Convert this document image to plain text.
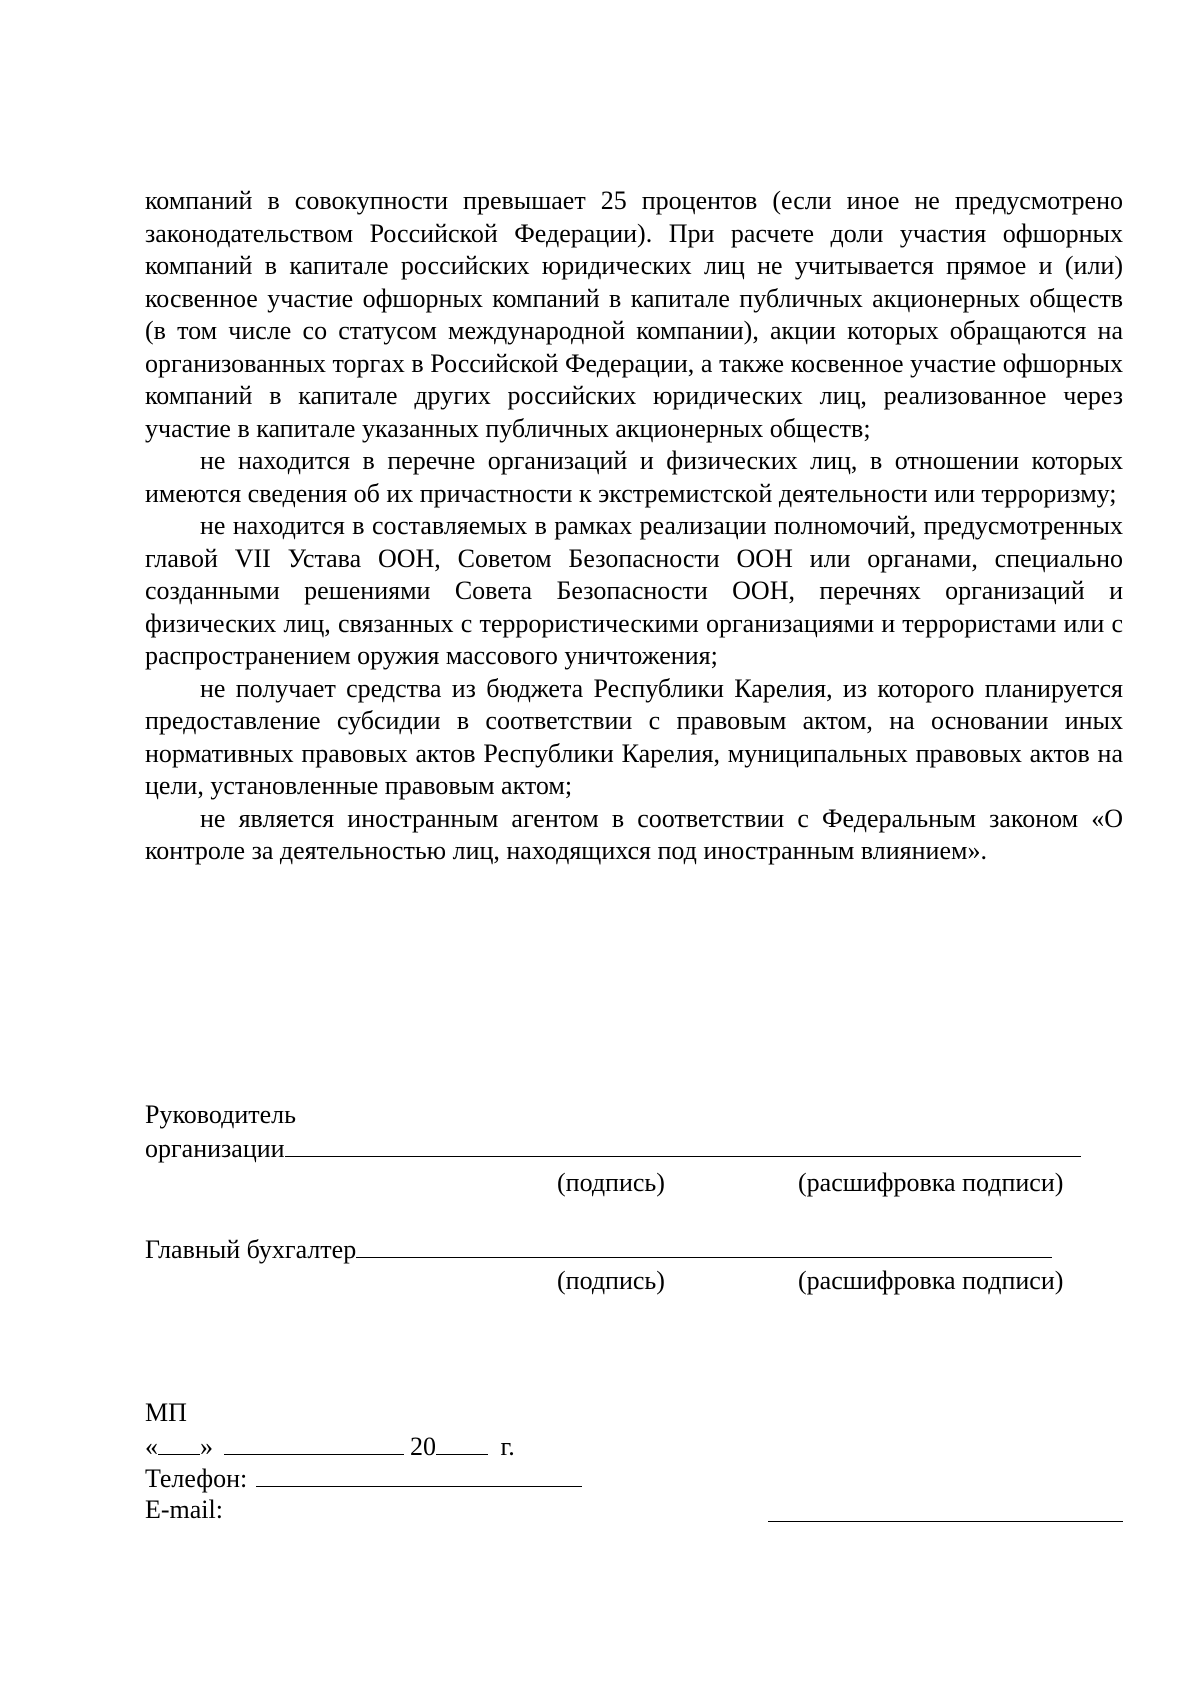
компаний в совокупности превышает 25 процентов (если иное не предусмотрено законодательством Российской Федерации). При расчете доли участия офшорных компаний в капитале российских юридических лиц не учитывается прямое и (или) косвенное участие офшорных компаний в капитале публичных акционерных обществ (в том числе со статусом международной компании), акции которых обращаются на организованных торгах в Российской Федерации, а также косвенное участие офшорных компаний в капитале других российских юридических лиц, реализованное через участие в капитале указанных публичных акционерных обществ;

не находится в перечне организаций и физических лиц, в отношении которых имеются сведения об их причастности к экстремистской деятельности или терроризму;

не находится в составляемых в рамках реализации полномочий, предусмотренных главой VII Устава ООН, Советом Безопасности ООН или органами, специально созданными решениями Совета Безопасности ООН, перечнях организаций и физических лиц, связанных с террористическими организациями и террористами или с распространением оружия массового уничтожения;

не получает средства из бюджета Республики Карелия, из которого планируется предоставление субсидии в соответствии с правовым актом, на основании иных нормативных правовых актов Республики Карелия, муниципальных правовых актов на цели, установленные правовым актом;

не является иностранным агентом в соответствии с Федеральным законом «О контроле за деятельностью лиц, находящихся под иностранным влиянием».

Руководитель
организации
(подпись)	(расшифровка подписи)
Главный бухгалтер
(подпись)	(расшифровка подписи)
МП
« »	20 г.
Телефон:
E-mail:
